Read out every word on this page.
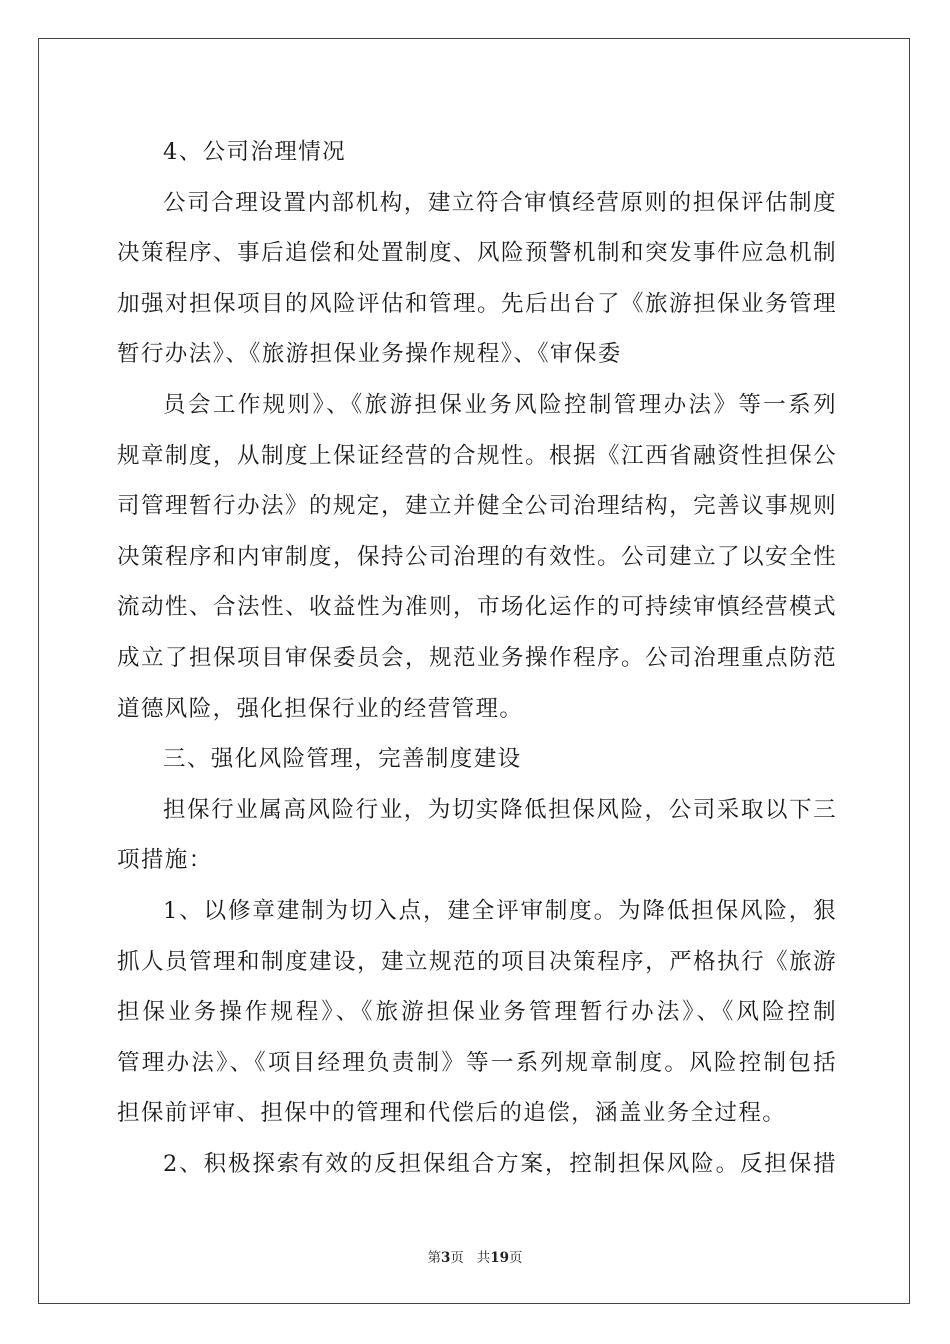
4、公司治理情况
公司合理设置内部机构，建立符合审慎经营原则的担保评估制度
决策程序、事后追偿和处置制度、风险预警机制和突发事件应急机制
加强对担保项目的风险评估和管理。先后出台了《旅游担保业务管理
暂行办法》、《旅游担保业务操作规程》、《审保委
员会工作规则》、《旅游担保业务风险控制管理办法》等一系列
规章制度，从制度上保证经营的合规性。根据《江西省融资性担保公
司管理暂行办法》的规定，建立并健全公司治理结构，完善议事规则
决策程序和内审制度，保持公司治理的有效性。公司建立了以安全性
流动性、合法性、收益性为准则，市场化运作的可持续审慎经营模式
成立了担保项目审保委员会，规范业务操作程序。公司治理重点防范
道德风险，强化担保行业的经营管理。
三、强化风险管理，完善制度建设
担保行业属高风险行业，为切实降低担保风险，公司采取以下三
项措施：
1、以修章建制为切入点，建全评审制度。为降低担保风险，狠
抓人员管理和制度建设，建立规范的项目决策程序，严格执行《旅游
担保业务操作规程》、《旅游担保业务管理暂行办法》、《风险控制
管理办法》、《项目经理负责制》等一系列规章制度。风险控制包括
担保前评审、担保中的管理和代偿后的追偿，涵盖业务全过程。
2、积极探索有效的反担保组合方案，控制担保风险。反担保措
第3页   共19页
